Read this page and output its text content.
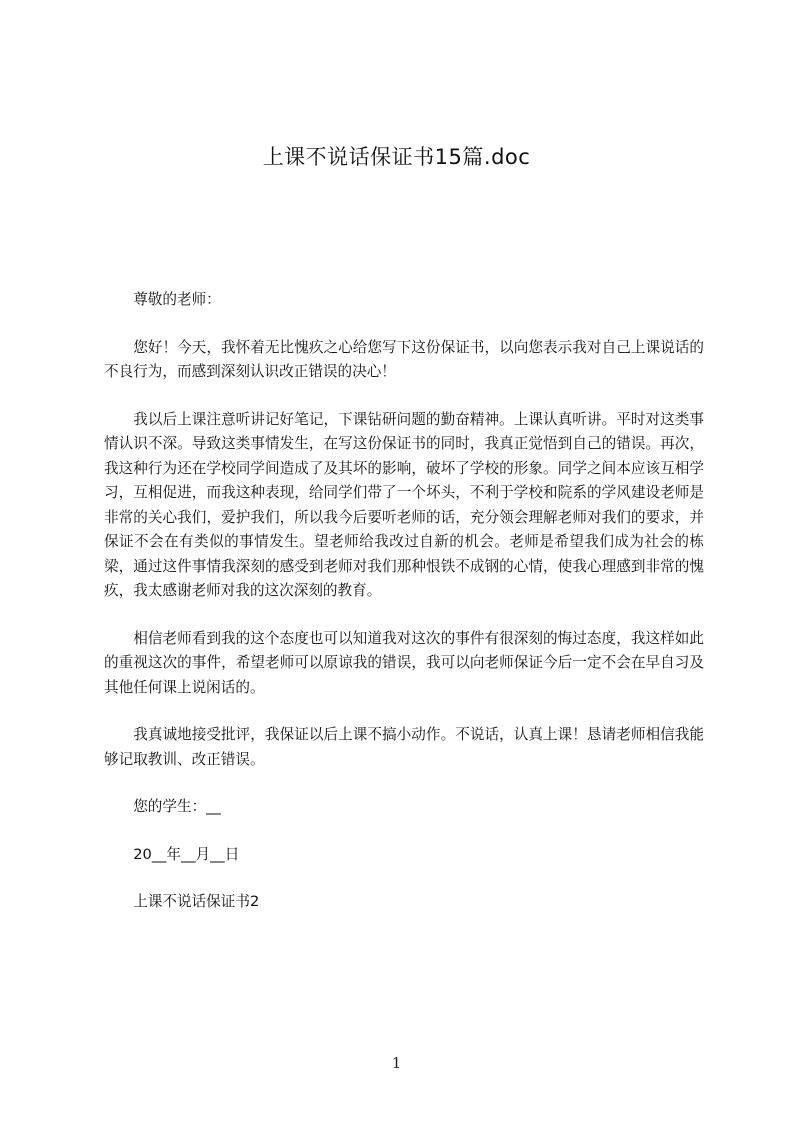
上课不说话保证书15篇.doc

尊敬的老师：

您好！今天，我怀着无比愧疚之心给您写下这份保证书，以向您表示我对自己上课说话的不良行为，而感到深刻认识改正错误的决心！

我以后上课注意听讲记好笔记，下课钻研问题的勤奋精神。上课认真听讲。平时对这类事情认识不深。导致这类事情发生，在写这份保证书的同时，我真正觉悟到自己的错误。再次，我这种行为还在学校同学间造成了及其坏的影响，破坏了学校的形象。同学之间本应该互相学习，互相促进，而我这种表现，给同学们带了一个坏头，不利于学校和院系的学风建设老师是非常的关心我们，爱护我们，所以我今后要听老师的话，充分领会理解老师对我们的要求，并保证不会在有类似的事情发生。望老师给我改过自新的机会。老师是希望我们成为社会的栋梁，通过这件事情我深刻的感受到老师对我们那种恨铁不成钢的心情，使我心理感到非常的愧疚，我太感谢老师对我的这次深刻的教育。

相信老师看到我的这个态度也可以知道我对这次的事件有很深刻的悔过态度，我这样如此的重视这次的事件，希望老师可以原谅我的错误，我可以向老师保证今后一定不会在早自习及其他任何课上说闲话的。

我真诚地接受批评，我保证以后上课不搞小动作。不说话，认真上课！恳请老师相信我能够记取教训、改正错误。

您的学生：__

20__年__月__日

上课不说话保证书2

1
